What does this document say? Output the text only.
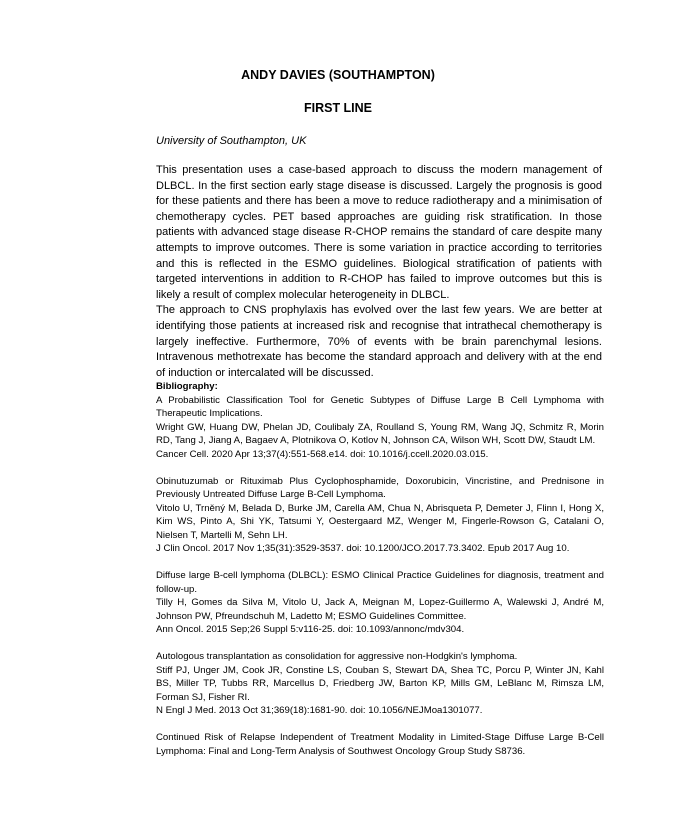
ANDY DAVIES (SOUTHAMPTON)
FIRST LINE

University of Southampton, UK

This presentation uses a case-based approach to discuss the modern management of DLBCL. In the first section early stage disease is discussed. Largely the prognosis is good for these patients and there has been a move to reduce radiotherapy and a minimisation of chemotherapy cycles. PET based approaches are guiding risk stratification. In those patients with advanced stage disease R-CHOP remains the standard of care despite many attempts to improve outcomes. There is some variation in practice according to territories and this is reflected in the ESMO guidelines. Biological stratification of patients with targeted interventions in addition to R-CHOP has failed to improve outcomes but this is likely a result of complex molecular heterogeneity in DLBCL.

The approach to CNS prophylaxis has evolved over the last few years. We are better at identifying those patients at increased risk and recognise that intrathecal chemotherapy is largely ineffective. Furthermore, 70% of events with be brain parenchymal lesions. Intravenous methotrexate has become the standard approach and delivery with at the end of induction or intercalated will be discussed.

Bibliography:

A Probabilistic Classification Tool for Genetic Subtypes of Diffuse Large B Cell Lymphoma with Therapeutic Implications.
Wright GW, Huang DW, Phelan JD, Coulibaly ZA, Roulland S, Young RM, Wang JQ, Schmitz R, Morin RD, Tang J, Jiang A, Bagaev A, Plotnikova O, Kotlov N, Johnson CA, Wilson WH, Scott DW, Staudt LM.
Cancer Cell. 2020 Apr 13;37(4):551-568.e14. doi: 10.1016/j.ccell.2020.03.015.
Obinutuzumab or Rituximab Plus Cyclophosphamide, Doxorubicin, Vincristine, and Prednisone in Previously Untreated Diffuse Large B-Cell Lymphoma.
Vitolo U, Trněný M, Belada D, Burke JM, Carella AM, Chua N, Abrisqueta P, Demeter J, Flinn I, Hong X, Kim WS, Pinto A, Shi YK, Tatsumi Y, Oestergaard MZ, Wenger M, Fingerle-Rowson G, Catalani O, Nielsen T, Martelli M, Sehn LH.
J Clin Oncol. 2017 Nov 1;35(31):3529-3537. doi: 10.1200/JCO.2017.73.3402. Epub 2017 Aug 10.
Diffuse large B-cell lymphoma (DLBCL): ESMO Clinical Practice Guidelines for diagnosis, treatment and follow-up.
Tilly H, Gomes da Silva M, Vitolo U, Jack A, Meignan M, Lopez-Guillermo A, Walewski J, André M, Johnson PW, Pfreundschuh M, Ladetto M; ESMO Guidelines Committee.
Ann Oncol. 2015 Sep;26 Suppl 5:v116-25. doi: 10.1093/annonc/mdv304.
Autologous transplantation as consolidation for aggressive non-Hodgkin's lymphoma.
Stiff PJ, Unger JM, Cook JR, Constine LS, Couban S, Stewart DA, Shea TC, Porcu P, Winter JN, Kahl BS, Miller TP, Tubbs RR, Marcellus D, Friedberg JW, Barton KP, Mills GM, LeBlanc M, Rimsza LM, Forman SJ, Fisher RI.
N Engl J Med. 2013 Oct 31;369(18):1681-90. doi: 10.1056/NEJMoa1301077.
Continued Risk of Relapse Independent of Treatment Modality in Limited-Stage Diffuse Large B-Cell Lymphoma: Final and Long-Term Analysis of Southwest Oncology Group Study S8736.
